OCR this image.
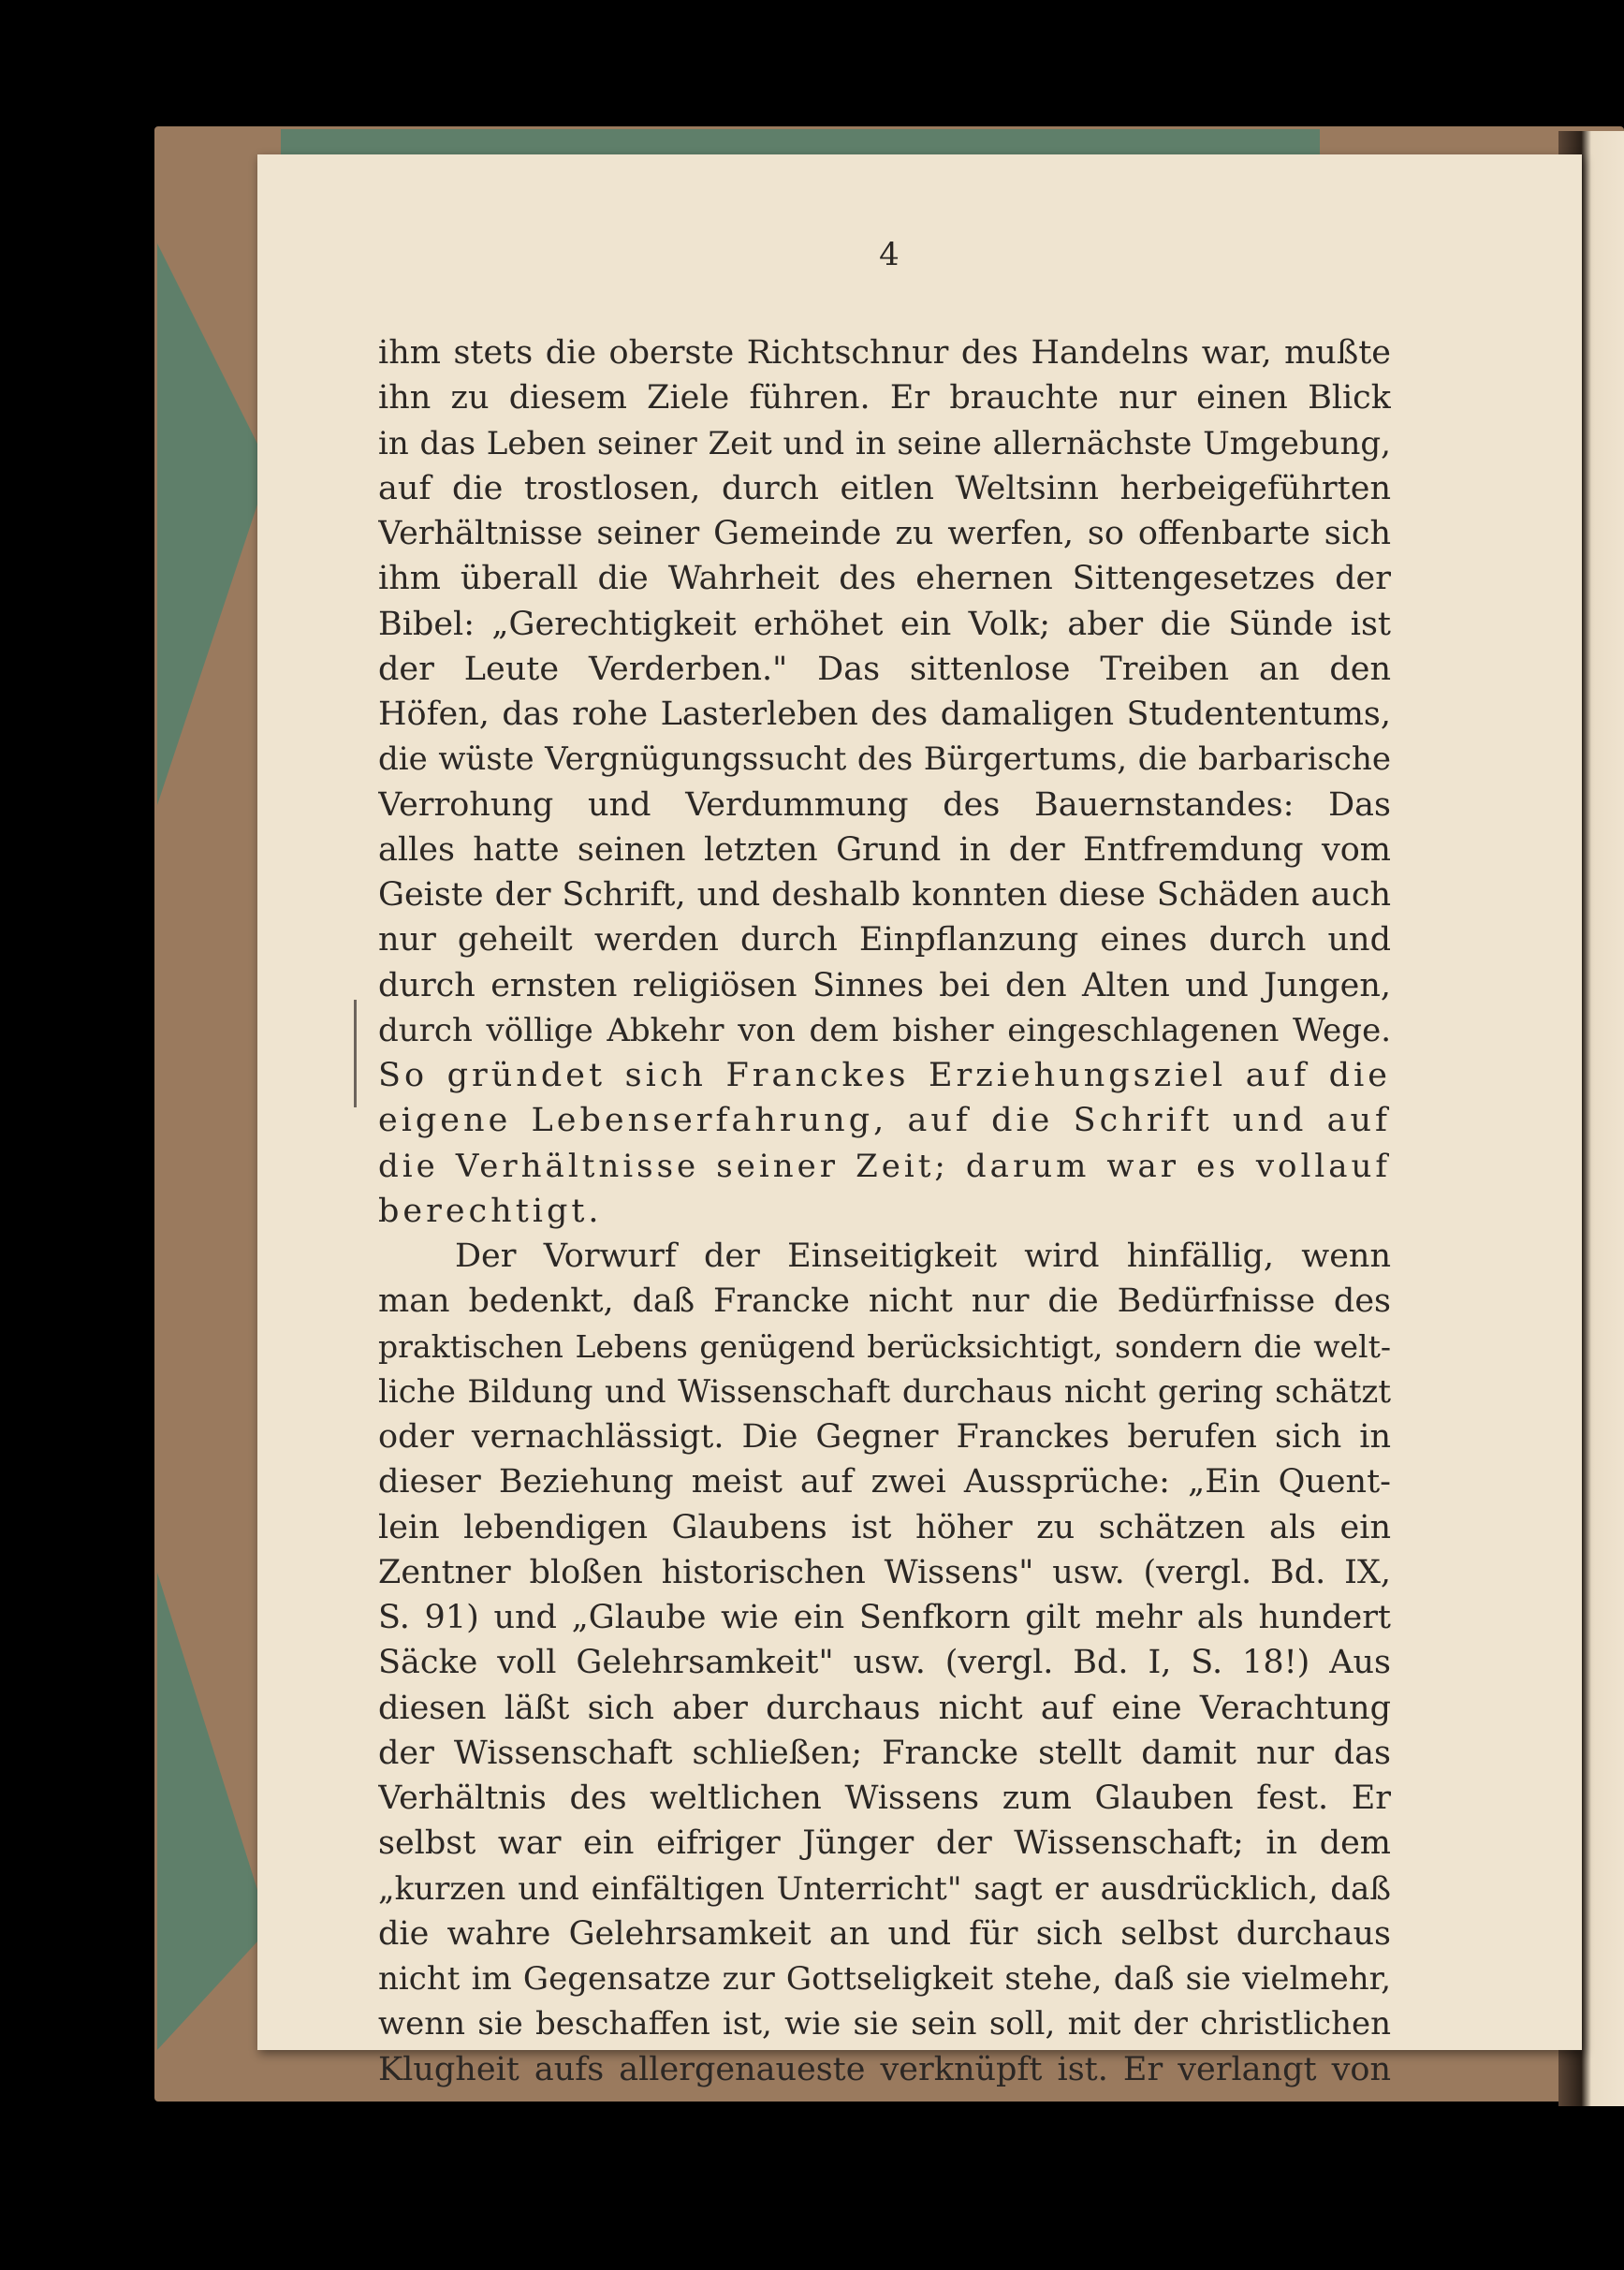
4
ihm stets die oberste Richtschnur des Handelns war, mußte
ihn zu diesem Ziele führen. Er brauchte nur einen Blick
in das Leben seiner Zeit und in seine allernächste Umgebung,
auf die trostlosen, durch eitlen Weltsinn herbeigeführten
Verhältnisse seiner Gemeinde zu werfen, so offenbarte sich
ihm überall die Wahrheit des ehernen Sittengesetzes der
Bibel: „Gerechtigkeit erhöhet ein Volk; aber die Sünde ist
der Leute Verderben." Das sittenlose Treiben an den
Höfen, das rohe Lasterleben des damaligen Studententums,
die wüste Vergnügungssucht des Bürgertums, die barbarische
Verrohung und Verdummung des Bauernstandes: Das
alles hatte seinen letzten Grund in der Entfremdung vom
Geiste der Schrift, und deshalb konnten diese Schäden auch
nur geheilt werden durch Einpflanzung eines durch und
durch ernsten religiösen Sinnes bei den Alten und Jungen,
durch völlige Abkehr von dem bisher eingeschlagenen Wege.
So gründet sich Franckes Erziehungsziel auf die
eigene Lebenserfahrung, auf die Schrift und auf
die Verhältnisse seiner Zeit; darum war es vollauf
berechtigt.
Der Vorwurf der Einseitigkeit wird hinfällig, wenn
man bedenkt, daß Francke nicht nur die Bedürfnisse des
praktischen Lebens genügend berücksichtigt, sondern die welt-
liche Bildung und Wissenschaft durchaus nicht gering schätzt
oder vernachlässigt. Die Gegner Franckes berufen sich in
dieser Beziehung meist auf zwei Aussprüche: „Ein Quent-
lein lebendigen Glaubens ist höher zu schätzen als ein
Zentner bloßen historischen Wissens" usw. (vergl. Bd. IX,
S. 91) und „Glaube wie ein Senfkorn gilt mehr als hundert
Säcke voll Gelehrsamkeit" usw. (vergl. Bd. I, S. 18!) Aus
diesen läßt sich aber durchaus nicht auf eine Verachtung
der Wissenschaft schließen; Francke stellt damit nur das
Verhältnis des weltlichen Wissens zum Glauben fest. Er
selbst war ein eifriger Jünger der Wissenschaft; in dem
„kurzen und einfältigen Unterricht" sagt er ausdrücklich, daß
die wahre Gelehrsamkeit an und für sich selbst durchaus
nicht im Gegensatze zur Gottseligkeit stehe, daß sie vielmehr,
wenn sie beschaffen ist, wie sie sein soll, mit der christlichen
Klugheit aufs allergenaueste verknüpft ist. Er verlangt von
